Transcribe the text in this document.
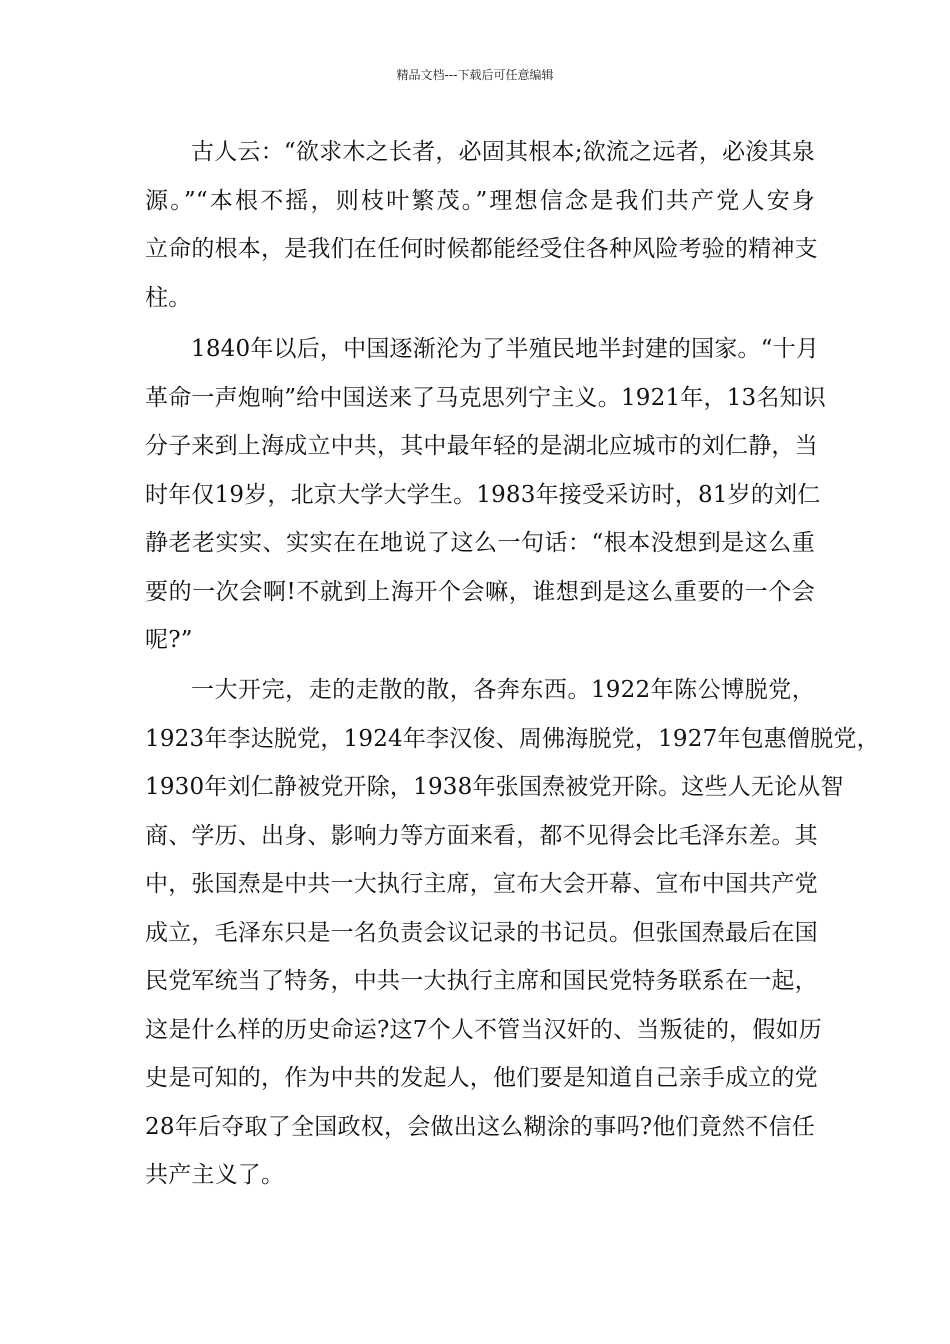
精品文档---下载后可任意编辑
古人云：“欲求木之长者，必固其根本;欲流之远者，必浚其泉
源。”“本根不摇，则枝叶繁茂。”理想信念是我们共产党人安身
立命的根本，是我们在任何时候都能经受住各种风险考验的精神支
柱。
1840年以后，中国逐渐沦为了半殖民地半封建的国家。“十月
革命一声炮响”给中国送来了马克思列宁主义。1921年，13名知识
分子来到上海成立中共，其中最年轻的是湖北应城市的刘仁静，当
时年仅19岁，北京大学大学生。1983年接受采访时，81岁的刘仁
静老老实实、实实在在地说了这么一句话：“根本没想到是这么重
要的一次会啊!不就到上海开个会嘛，谁想到是这么重要的一个会
呢?”
一大开完，走的走散的散，各奔东西。1922年陈公博脱党，
1923年李达脱党，1924年李汉俊、周佛海脱党，1927年包惠僧脱党，
1930年刘仁静被党开除，1938年张国焘被党开除。这些人无论从智
商、学历、出身、影响力等方面来看，都不见得会比毛泽东差。其
中，张国焘是中共一大执行主席，宣布大会开幕、宣布中国共产党
成立，毛泽东只是一名负责会议记录的书记员。但张国焘最后在国
民党军统当了特务，中共一大执行主席和国民党特务联系在一起，
这是什么样的历史命运?这7个人不管当汉奸的、当叛徒的，假如历
史是可知的，作为中共的发起人，他们要是知道自己亲手成立的党
28年后夺取了全国政权，会做出这么糊涂的事吗?他们竟然不信任
共产主义了。
